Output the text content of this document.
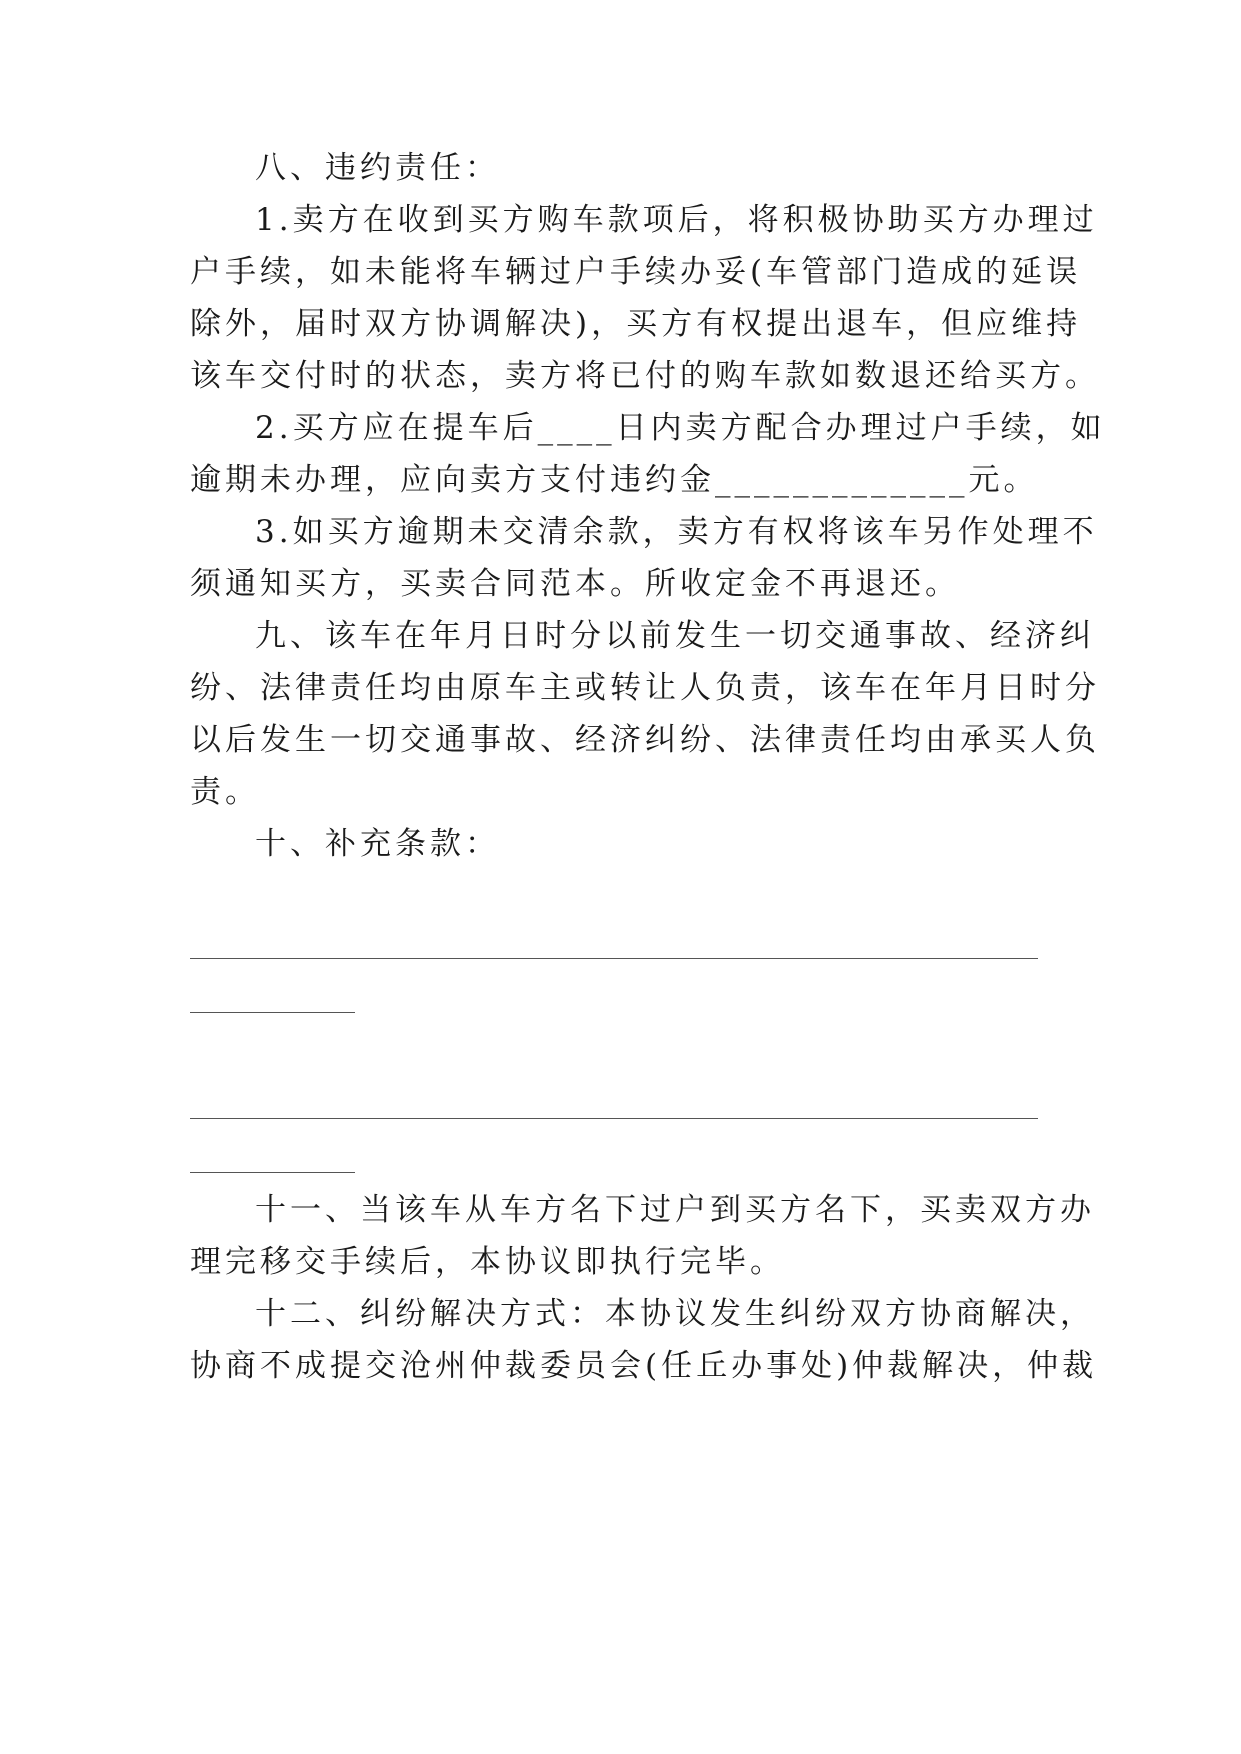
八、违约责任：

1.卖方在收到买方购车款项后，将积极协助买方办理过

户手续，如未能将车辆过户手续办妥(车管部门造成的延误

除外，届时双方协调解决)，买方有权提出退车，但应维持

该车交付时的状态，卖方将已付的购车款如数退还给买方。

2.买方应在提车后____日内卖方配合办理过户手续，如

逾期未办理，应向卖方支付违约金_____________元。

3.如买方逾期未交清余款，卖方有权将该车另作处理不

须通知买方，买卖合同范本。所收定金不再退还。

九、该车在年月日时分以前发生一切交通事故、经济纠

纷、法律责任均由原车主或转让人负责，该车在年月日时分

以后发生一切交通事故、经济纠纷、法律责任均由承买人负

责。

十、补充条款：

十一、当该车从车方名下过户到买方名下，买卖双方办

理完移交手续后，本协议即执行完毕。

十二、纠纷解决方式：本协议发生纠纷双方协商解决，

协商不成提交沧州仲裁委员会(任丘办事处)仲裁解决，仲裁
